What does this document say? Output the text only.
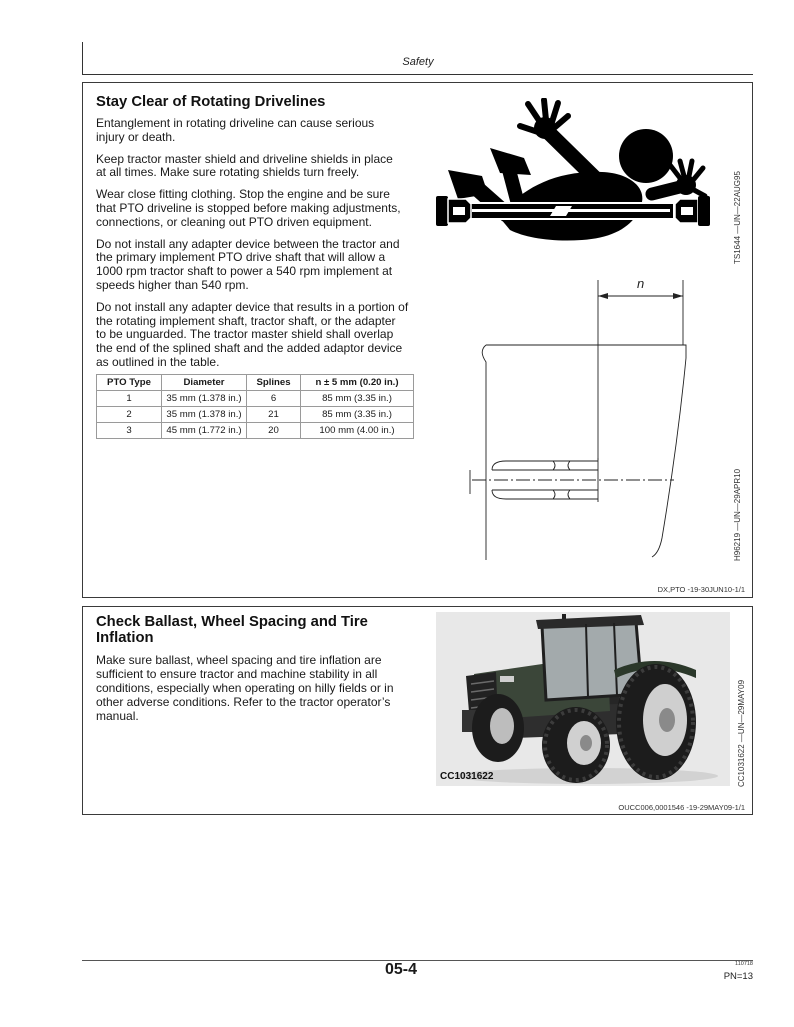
Safety
Stay Clear of Rotating Drivelines

Entanglement in rotating driveline can cause serious
injury or death.

Keep tractor master shield and driveline shields in place
at all times. Make sure rotating shields turn freely.

Wear close fitting clothing. Stop the engine and be sure
that PTO driveline is stopped before making adjustments,
connections, or cleaning out PTO driven equipment.

Do not install any adapter device between the tractor and
the primary implement PTO drive shaft that will allow a
1000 rpm tractor shaft to power a 540 rpm implement at
speeds higher than 540 rpm.

Do not install any adapter device that results in a portion of
the rotating implement shaft, tractor shaft, or the adapter
to be unguarded. The tractor master shield shall overlap
the end of the splined shaft and the added adaptor device
as outlined in the table.

PTO Type	Diameter	Splines	n ± 5 mm (0.20 in.)
1	35 mm (1.378 in.)	6	85 mm (3.35 in.)
2	35 mm (1.378 in.)	21	85 mm (3.35 in.)
3	45 mm (1.772 in.)	20	100 mm (4.00 in.)
TS1644 —UN—22AUG95
n
H96219 —UN—29APR10
DX,PTO -19-30JUN10-1/1
Check Ballast, Wheel Spacing and Tire
Inflation

Make sure ballast, wheel spacing and tire inflation are
sufficient to ensure tractor and machine stability in all
conditions, especially when operating on hilly fields or in
other adverse conditions. Refer to the tractor operator’s
manual.

CC1031622	CC1031622 —UN—29MAY09
OUCC006,0001546 -19-29MAY09-1/1
05-4	110718
PN=13
